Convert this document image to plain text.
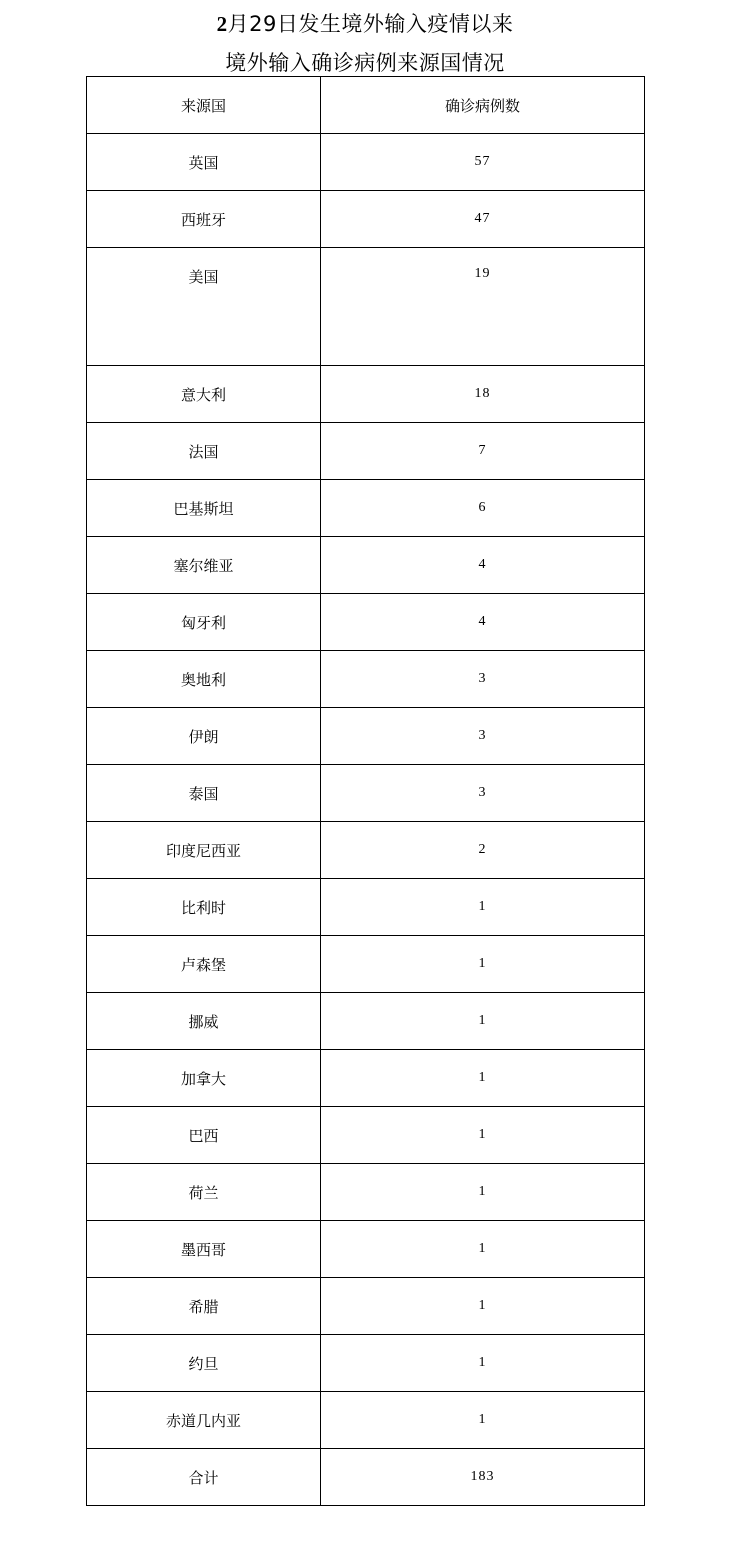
2月29日发生境外输入疫情以来
境外输入确诊病例来源国情况
来源国	确诊病例数
英国	57
西班牙	47
美国	19
意大利	18
法国	7
巴基斯坦	6
塞尔维亚	4
匈牙利	4
奥地利	3
伊朗	3
泰国	3
印度尼西亚	2
比利时	1
卢森堡	1
挪威	1
加拿大	1
巴西	1
荷兰	1
墨西哥	1
希腊	1
约旦	1
赤道几内亚	1
合计	183
